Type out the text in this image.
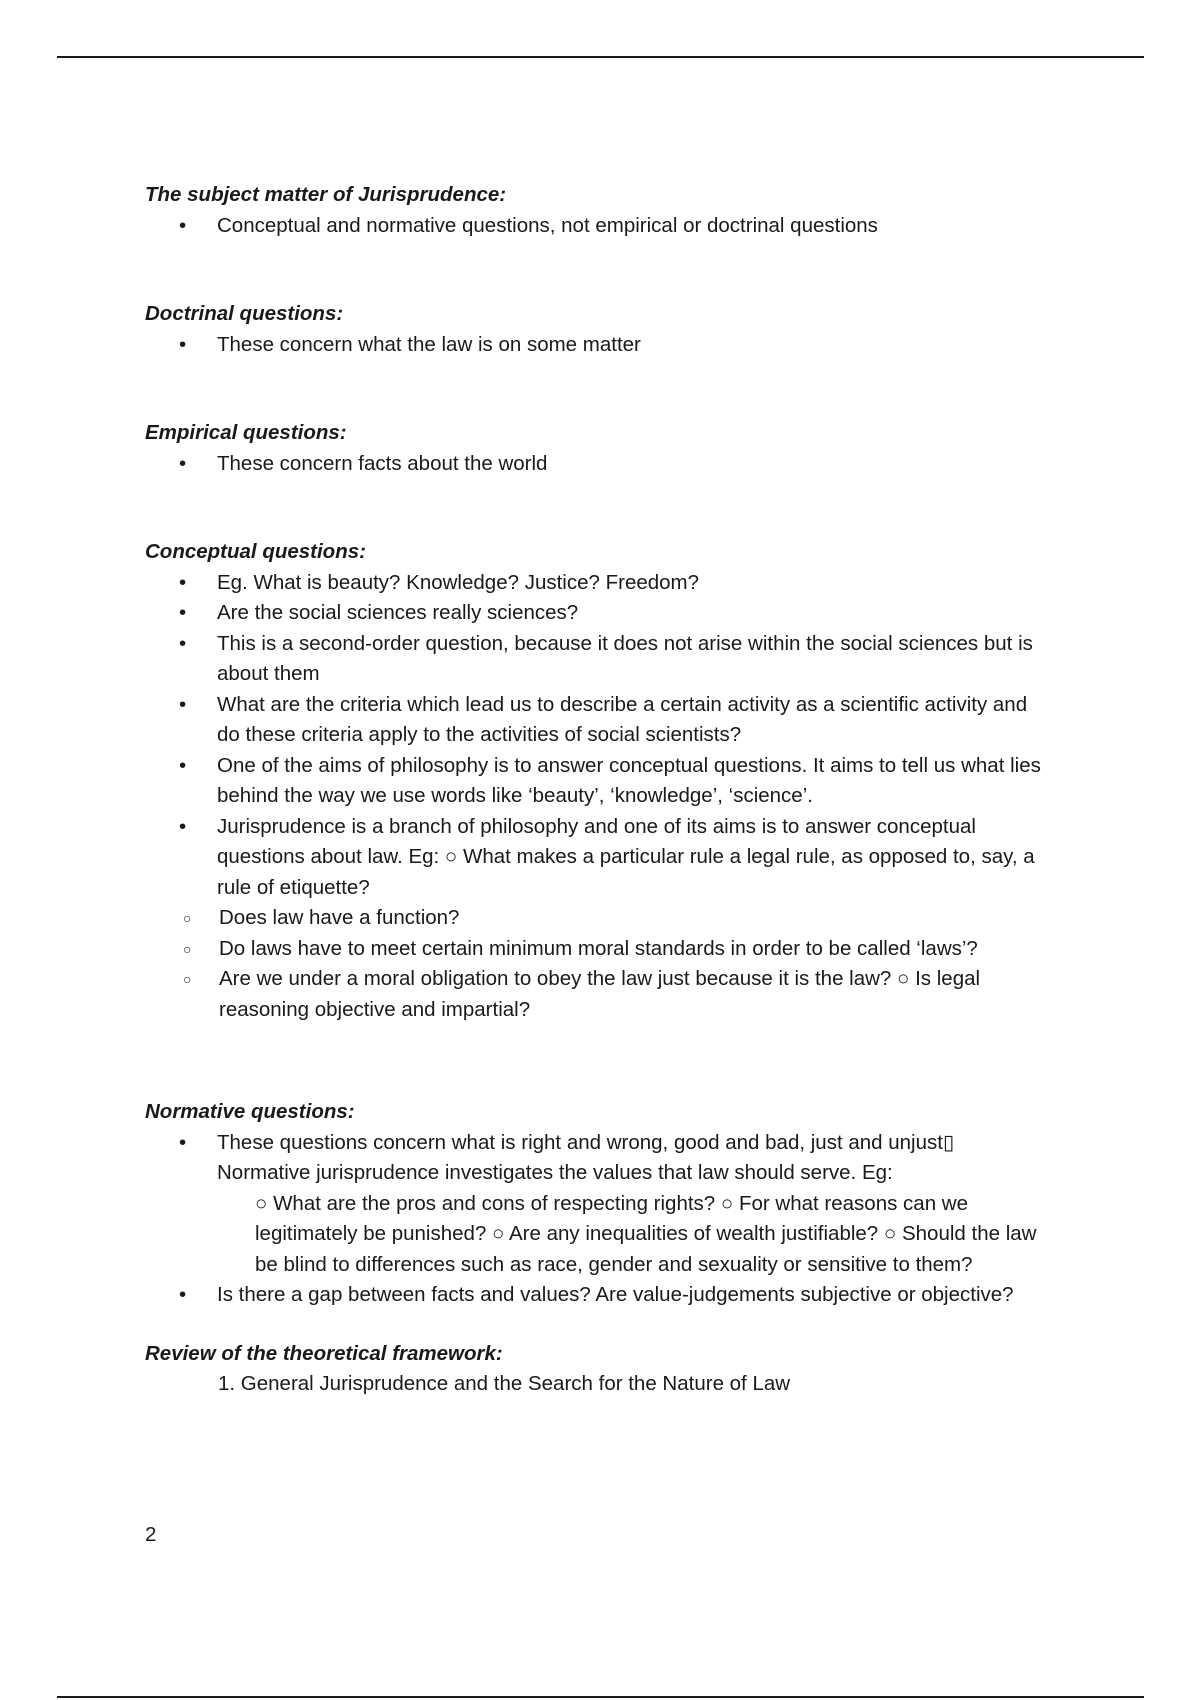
The subject matter of Jurisprudence:

• Conceptual and normative questions, not empirical or doctrinal questions

Doctrinal questions:

• These concern what the law is on some matter

Empirical questions:

• These concern facts about the world

Conceptual questions:

• Eg. What is beauty? Knowledge? Justice? Freedom?
• Are the social sciences really sciences?
• This is a second-order question, because it does not arise within the social sciences but is about them
• What are the criteria which lead us to describe a certain activity as a scientific activity and do these criteria apply to the activities of social scientists?
• One of the aims of philosophy is to answer conceptual questions. It aims to tell us what lies behind the way we use words like ‘beauty’, ‘knowledge’, ‘science’.
• Jurisprudence is a branch of philosophy and one of its aims is to answer conceptual questions about law. Eg: ○ What makes a particular rule a legal rule, as opposed to, say, a rule of etiquette?
○ Does law have a function?
○ Do laws have to meet certain minimum moral standards in order to be called ‘laws’?
○ Are we under a moral obligation to obey the law just because it is the law? ○ Is legal reasoning objective and impartial?

Normative questions:

• These questions concern what is right and wrong, good and bad, just and unjust▯ Normative jurisprudence investigates the values that law should serve. Eg:
○ What are the pros and cons of respecting rights? ○ For what reasons can we legitimately be punished? ○ Are any inequalities of wealth justifiable? ○ Should the law be blind to differences such as race, gender and sexuality or sensitive to them?
• Is there a gap between facts and values? Are value-judgements subjective or objective?

Review of the theoretical framework:

1. General Jurisprudence and the Search for the Nature of Law
2
